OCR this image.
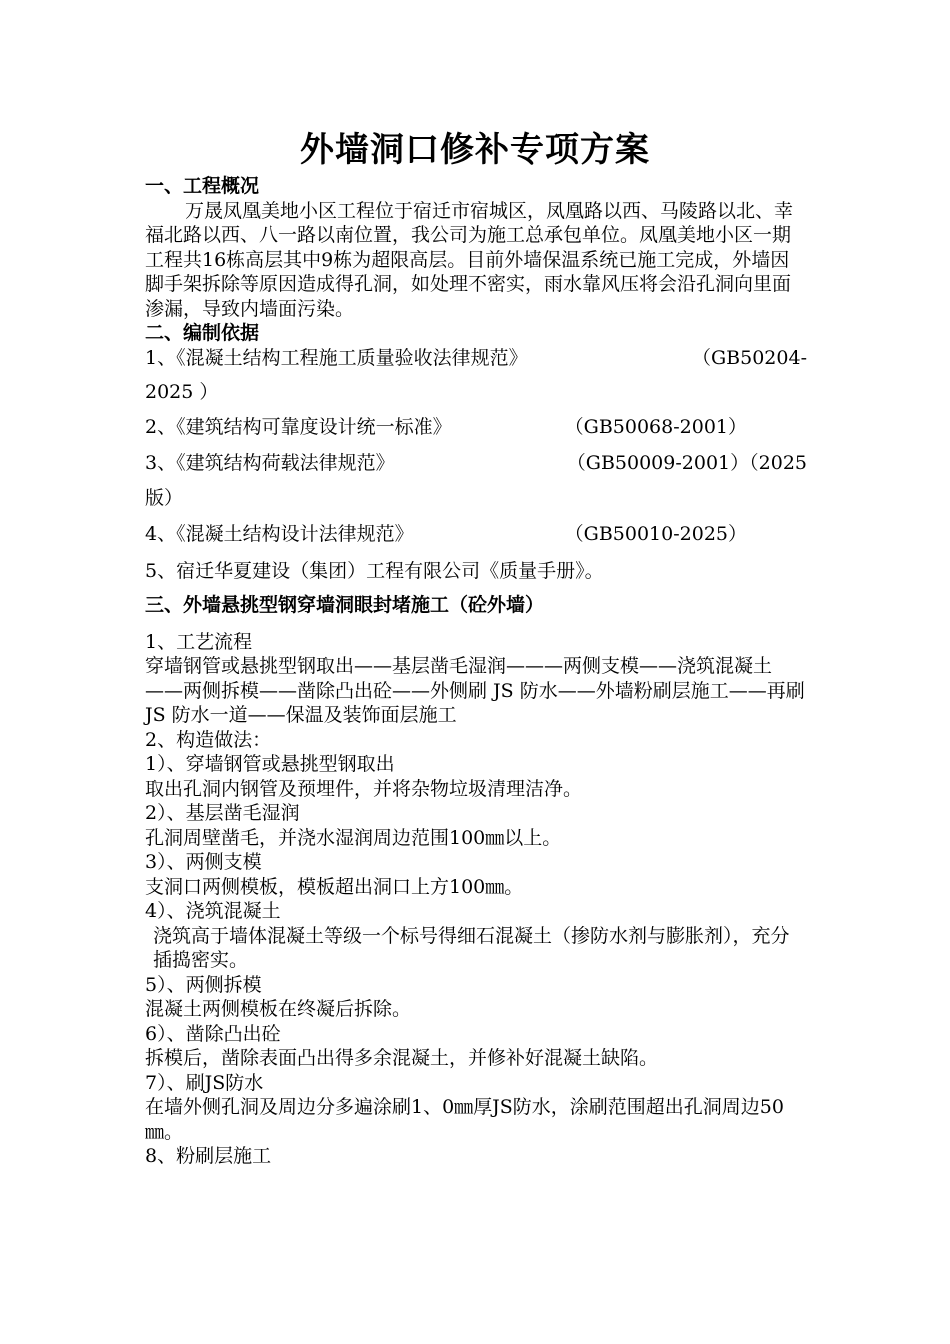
外墙洞口修补专项方案

一、工程概况

万晟凤凰美地小区工程位于宿迁市宿城区，凤凰路以西、马陵路以北、幸福北路以西、八一路以南位置，我公司为施工总承包单位。凤凰美地小区一期工程共16栋高层其中9栋为超限高层。目前外墙保温系统已施工完成，外墙因脚手架拆除等原因造成得孔洞，如处理不密实，雨水靠风压将会沿孔洞向里面渗漏，导致内墙面污染。

二、编制依据

1、《混凝土结构工程施工质量验收法律规范》	（GB50204-
2025 ）
2、《建筑结构可靠度设计统一标准》	（GB50068-2001）
3、《建筑结构荷载法律规范》	（GB50009-2001）（2025
版）
4、《混凝土结构设计法律规范》	（GB50010-2025）
5、宿迁华夏建设（集团）工程有限公司《质量手册》。

三、外墙悬挑型钢穿墙洞眼封堵施工（砼外墙）

1、工艺流程

穿墙钢管或悬挑型钢取出——基层凿毛湿润———两侧支模——浇筑混凝土——两侧拆模——凿除凸出砼——外侧刷 JS 防水——外墙粉刷层施工——再刷 JS 防水一道——保温及装饰面层施工

2、构造做法：

1）、穿墙钢管或悬挑型钢取出

取出孔洞内钢管及预埋件，并将杂物垃圾清理洁净。

2）、基层凿毛湿润

孔洞周壁凿毛，并浇水湿润周边范围100㎜以上。

3）、两侧支模

支洞口两侧模板，模板超出洞口上方100㎜。

4）、浇筑混凝土

浇筑高于墙体混凝土等级一个标号得细石混凝土（掺防水剂与膨胀剂），充分插捣密实。

5）、两侧拆模

混凝土两侧模板在终凝后拆除。

6）、凿除凸出砼

拆模后，凿除表面凸出得多余混凝土，并修补好混凝土缺陷。

7）、刷JS防水

在墙外侧孔洞及周边分多遍涂刷1、0㎜厚JS防水，涂刷范围超出孔洞周边50㎜。

8、粉刷层施工
